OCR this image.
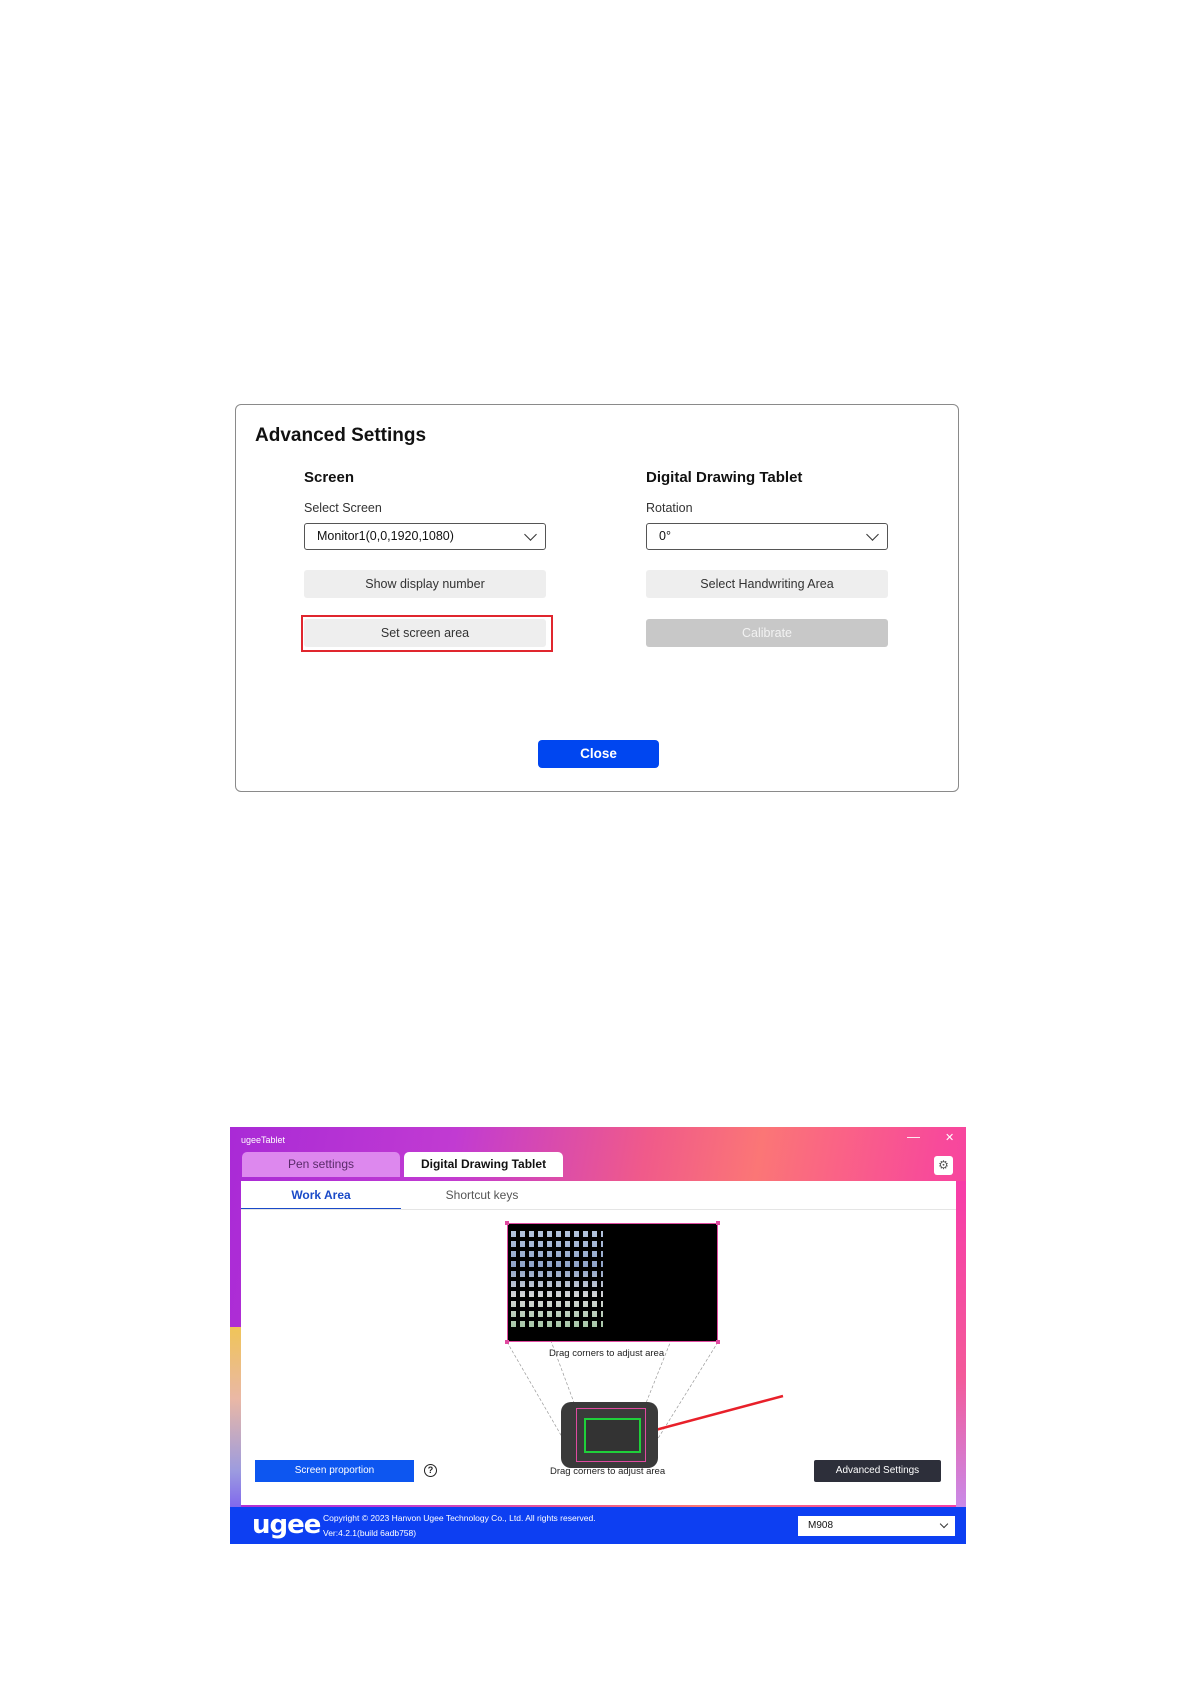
Advanced Settings
Screen
Select Screen
Monitor1(0,0,1920,1080)
Show display number
Set screen area
Digital Drawing Tablet
Rotation
0°
Select Handwriting Area
Calibrate
Close
ugeeTablet	— ✕
Pen settings	Digital Drawing Tablet	⚙
Work Area	Shortcut keys
Drag corners to adjust area
Drag corners to adjust area
Screen proportion	?	Advanced Settings
ugee Copyright © 2023 Hanvon Ugee Technology Co., Ltd. All rights reserved.
Ver:4.2.1(build 6adb758)
M908
